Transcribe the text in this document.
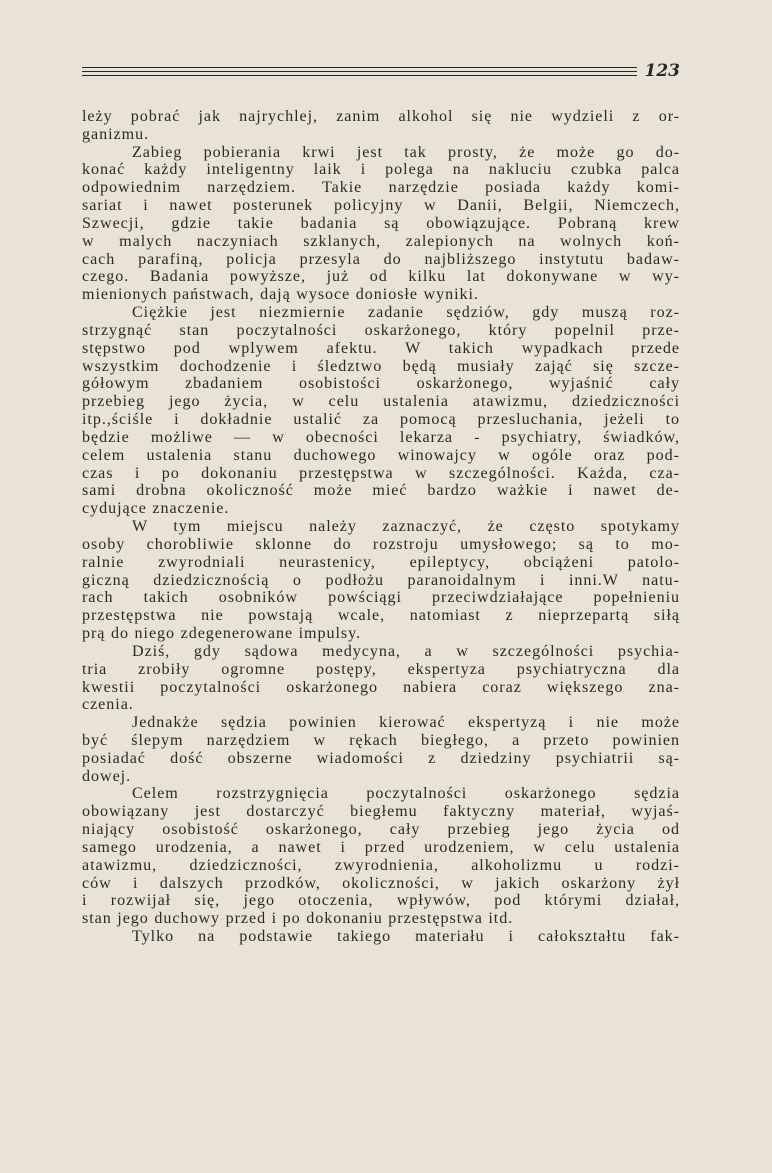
123
leży pobrać jak najrychlej, zanim alkohol się nie wydzieli z or-
ganizmu.
Zabieg pobierania krwi jest tak prosty, że może go do-
konać każdy inteligentny laik i polega na nakluciu czubka palca
odpowiednim narzędziem. Takie narzędzie posiada każdy komi-
sariat i nawet posterunek policyjny w Danii, Belgii, Niemczech,
Szwecji, gdzie takie badania są obowiązujące. Pobraną krew
w malych naczyniach szklanych, zalepionych na wolnych koń-
cach parafiną, policja przesyla do najbliższego instytutu badaw-
czego. Badania powyższe, już od kilku lat dokonywane w wy-
mienionych państwach, dają wysoce doniosłe wyniki.
Ciężkie jest niezmiernie zadanie sędziów, gdy muszą roz-
strzygnąć stan poczytalności oskarżonego, który popelnil prze-
stępstwo pod wplywem afektu. W takich wypadkach przede
wszystkim dochodzenie i śledztwo będą musiały zająć się szcze-
gółowym zbadaniem osobistości oskarżonego, wyjaśnić cały
przebieg jego życia, w celu ustalenia atawizmu, dziedziczności
itp.,ściśle i dokładnie ustalić za pomocą przesluchania, jeżeli to
będzie możliwe — w obecności lekarza - psychiatry, świadków,
celem ustalenia stanu duchowego winowajcy w ogóle oraz pod-
czas i po dokonaniu przestępstwa w szczególności. Każda, cza-
sami drobna okoliczność może mieć bardzo ważkie i nawet de-
cydujące znaczenie.
W tym miejscu należy zaznaczyć, że często spotykamy
osoby chorobliwie sklonne do rozstroju umysłowego; są to mo-
ralnie zwyrodniali neurastenicy, epileptycy, obciążeni patolo-
giczną dziedzicznością o podłożu paranoidalnym i inni.W natu-
rach takich osobników powściągi przeciwdziałające popełnieniu
przestępstwa nie powstają wcale, natomiast z nieprzepartą siłą
prą do niego zdegenerowane impulsy.
Dziś, gdy sądowa medycyna, a w szczególności psychia-
tria zrobiły ogromne postępy, ekspertyza psychiatryczna dla
kwestii poczytalności oskarżonego nabiera coraz większego zna-
czenia.
Jednakże sędzia powinien kierować ekspertyzą i nie może
być ślepym narzędziem w rękach biegłego, a przeto powinien
posiadać dość obszerne wiadomości z dziedziny psychiatrii są-
dowej.
Celem rozstrzygnięcia poczytalności oskarżonego sędzia
obowiązany jest dostarczyć biegłemu faktyczny materiał, wyjaś-
niający osobistość oskarżonego, cały przebieg jego życia od
samego urodzenia, a nawet i przed urodzeniem, w celu ustalenia
atawizmu, dziedziczności, zwyrodnienia, alkoholizmu u rodzi-
ców i dalszych przodków, okoliczności, w jakich oskarżony żył
i rozwijał się, jego otoczenia, wpływów, pod którymi działał,
stan jego duchowy przed i po dokonaniu przestępstwa itd.
Tylko na podstawie takiego materiału i całokształtu fak-
